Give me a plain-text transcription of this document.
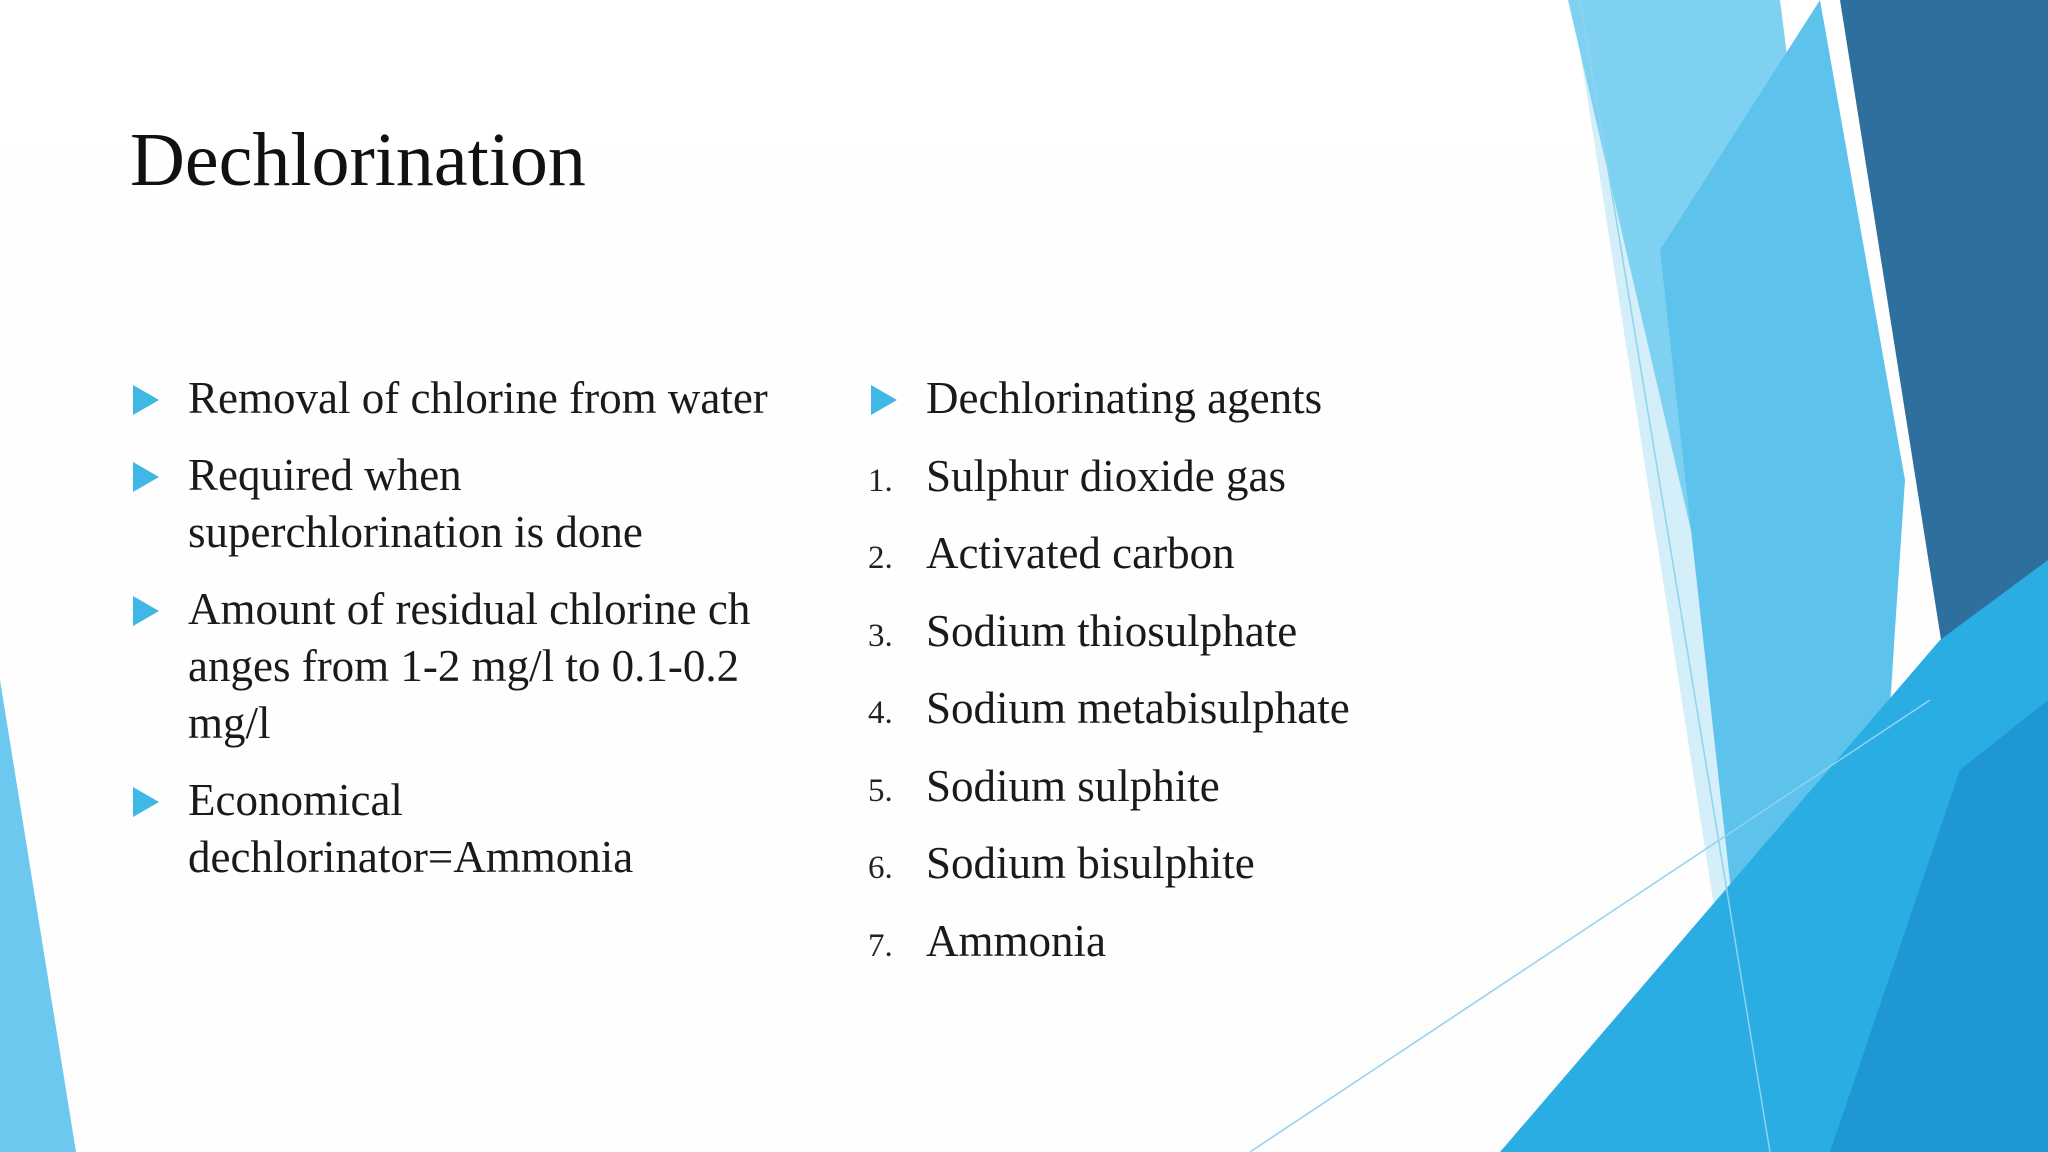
Dechlorination
Removal of chlorine from water
Required when superchlorination is done
Amount of residual chlorine changes from 1-2 mg/l to 0.1-0.2 mg/l
Economical dechlorinator=Ammonia
Dechlorinating agents
1. Sulphur dioxide gas
2. Activated carbon
3. Sodium thiosulphate
4. Sodium metabisulphate
5. Sodium sulphite
6. Sodium bisulphite
7. Ammonia
